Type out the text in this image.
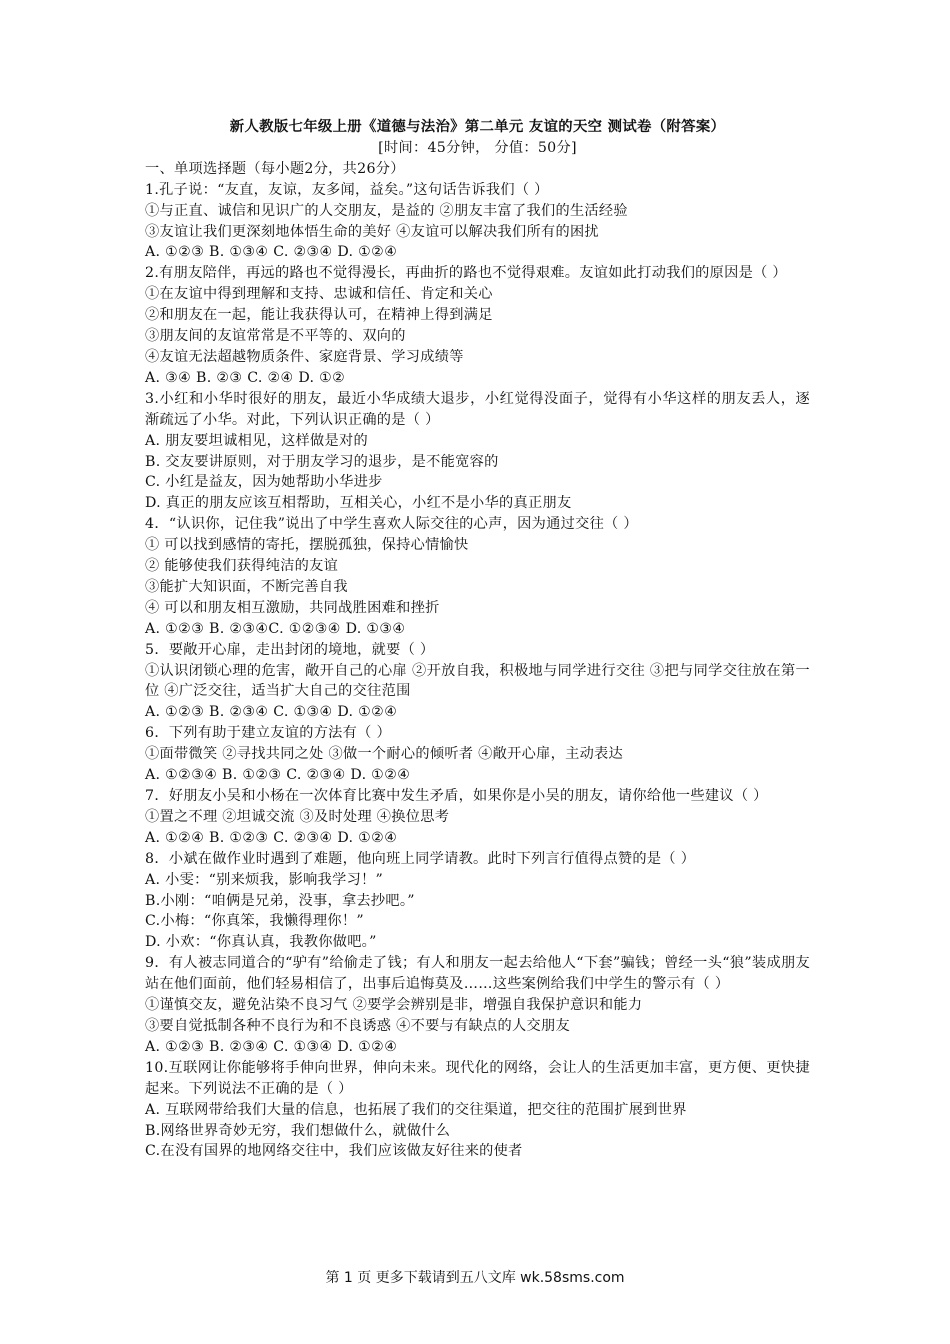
新人教版七年级上册《道德与法治》第二单元 友谊的天空 测试卷（附答案）
[时间：45分钟， 分值：50分]
一、单项选择题（每小题2分，共26分）
1.孔子说：“友直，友谅，友多闻，益矣。”这句话告诉我们（ ）
①与正直、诚信和见识广的人交朋友，是益的 ②朋友丰富了我们的生活经验
③友谊让我们更深刻地体悟生命的美好 ④友谊可以解决我们所有的困扰
A. ①②③ B. ①③④ C. ②③④ D. ①②④
2.有朋友陪伴，再远的路也不觉得漫长，再曲折的路也不觉得艰难。友谊如此打动我们的原因是（ ）
①在友谊中得到理解和支持、忠诚和信任、肯定和关心
②和朋友在一起，能让我获得认可，在精神上得到满足
③朋友间的友谊常常是不平等的、双向的
④友谊无法超越物质条件、家庭背景、学习成绩等
A. ③④ B. ②③ C. ②④ D. ①②
3.小红和小华时很好的朋友，最近小华成绩大退步，小红觉得没面子，觉得有小华这样的朋友丢人，逐渐疏远了小华。对此，下列认识正确的是（ ）
A. 朋友要坦诚相见，这样做是对的
B. 交友要讲原则，对于朋友学习的退步，是不能宽容的
C. 小红是益友，因为她帮助小华进步
D. 真正的朋友应该互相帮助，互相关心，小红不是小华的真正朋友
4．“认识你，记住我”说出了中学生喜欢人际交往的心声，因为通过交往（ ）
① 可以找到感情的寄托，摆脱孤独，保持心情愉快
② 能够使我们获得纯洁的友谊
③能扩大知识面，不断完善自我
④ 可以和朋友相互激励，共同战胜困难和挫折
A. ①②③ B. ②③④C. ①②③④ D. ①③④
5．要敞开心扉，走出封闭的境地，就要（ ）
①认识闭锁心理的危害，敞开自己的心扉 ②开放自我，积极地与同学进行交往 ③把与同学交往放在第一位 ④广泛交往，适当扩大自己的交往范围
A. ①②③ B. ②③④ C. ①③④ D. ①②④
6．下列有助于建立友谊的方法有（ ）
①面带微笑 ②寻找共同之处 ③做一个耐心的倾听者 ④敞开心扉，主动表达
A. ①②③④ B. ①②③ C. ②③④ D. ①②④
7．好朋友小吴和小杨在一次体育比赛中发生矛盾，如果你是小吴的朋友，请你给他一些建议（ ）
①置之不理 ②坦诚交流 ③及时处理 ④换位思考
A. ①②④ B. ①②③ C. ②③④ D. ①②④
8．小斌在做作业时遇到了难题，他向班上同学请教。此时下列言行值得点赞的是（ ）
A. 小雯：“别来烦我，影响我学习！”
B.小刚：“咱俩是兄弟，没事，拿去抄吧。”
C.小梅：“你真笨，我懒得理你！”
D. 小欢：“你真认真，我教你做吧。”
9．有人被志同道合的“驴有”给偷走了钱；有人和朋友一起去给他人“下套”骗钱；曾经一头“狼”装成朋友站在他们面前，他们轻易相信了，出事后追悔莫及……这些案例给我们中学生的警示有（ ）
①谨慎交友，避免沾染不良习气 ②要学会辨别是非，增强自我保护意识和能力
③要自觉抵制各种不良行为和不良诱惑 ④不要与有缺点的人交朋友
A. ①②③ B. ②③④ C. ①③④ D. ①②④
10.互联网让你能够将手伸向世界，伸向未来。现代化的网络，会让人的生活更加丰富，更方便、更快捷起来。下列说法不正确的是（ ）
A. 互联网带给我们大量的信息，也拓展了我们的交往渠道，把交往的范围扩展到世界
B.网络世界奇妙无穷，我们想做什么，就做什么
C.在没有国界的地网络交往中，我们应该做友好往来的使者
第 1 页 更多下载请到五八文库 wk.58sms.com
